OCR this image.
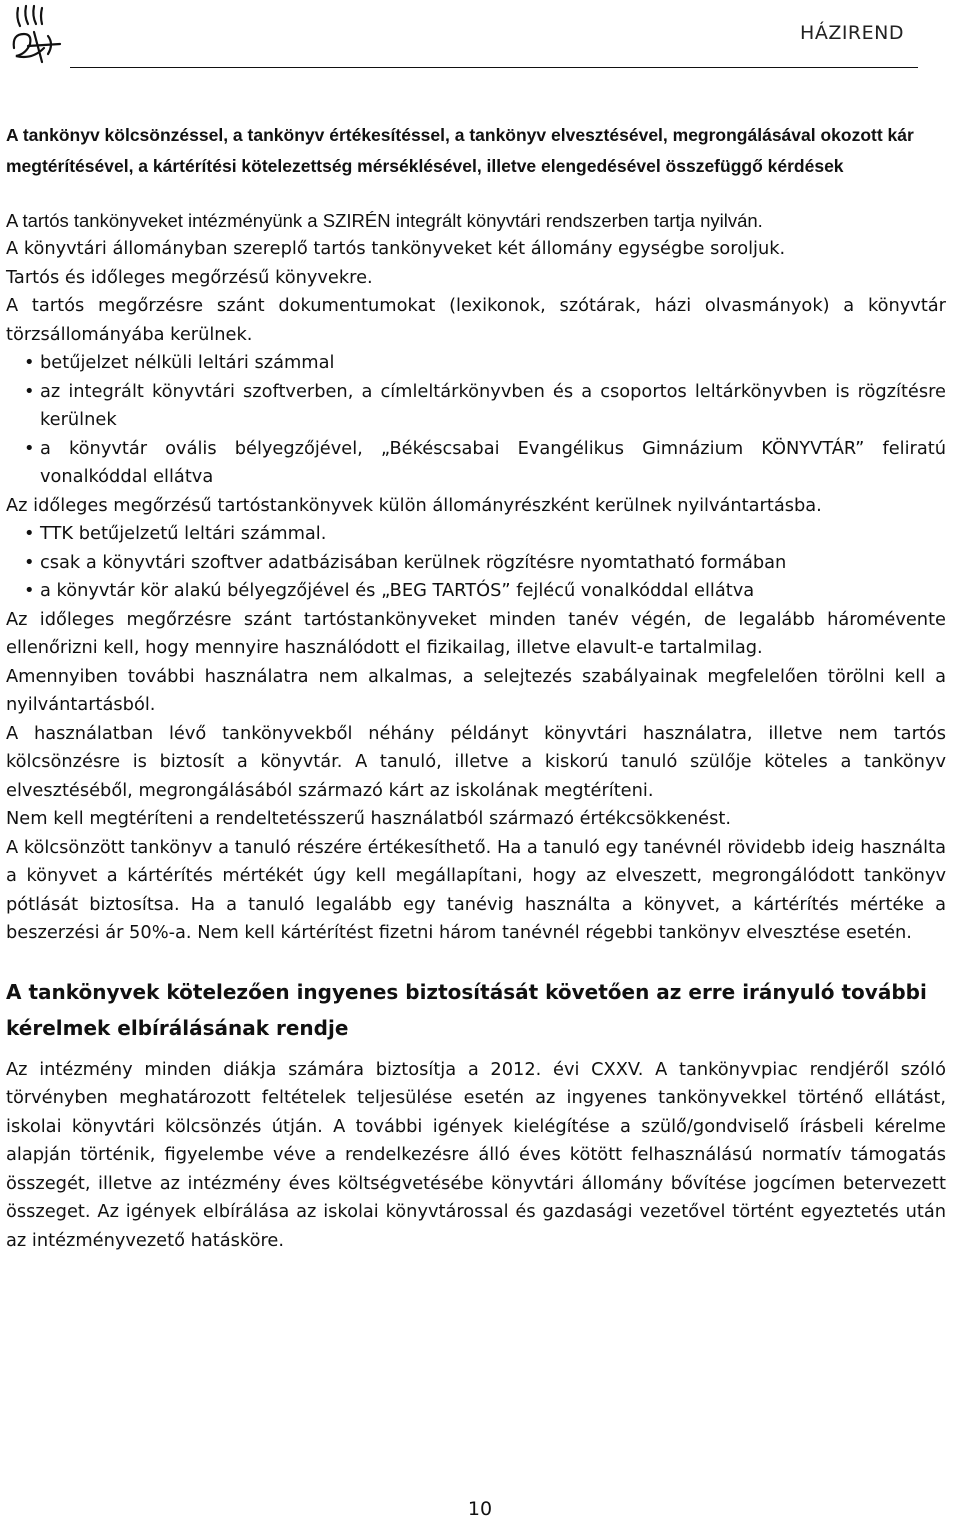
HÁZIREND

A tankönyv kölcsönzéssel, a tankönyv értékesítéssel, a tankönyv elvesztésével, megrongálásával okozott kár megtérítésével, a kártérítési kötelezettség mérséklésével, illetve elengedésével összefüggő kérdések

A tartós tankönyveket intézményünk a SZIRÉN integrált könyvtári rendszerben tartja nyilván.

A könyvtári állományban szereplő tartós tankönyveket két állomány egységbe soroljuk.

Tartós és időleges megőrzésű könyvekre.

A tartós megőrzésre szánt dokumentumokat (lexikonok, szótárak, házi olvasmányok) a könyvtár törzsállományába kerülnek.

• betűjelzet nélküli leltári számmal
• az integrált könyvtári szoftverben, a címleltárkönyvben és a csoportos leltárkönyvben is rögzítésre kerülnek
• a könyvtár ovális bélyegzőjével, „Békéscsabai Evangélikus Gimnázium KÖNYVTÁR” feliratú vonalkóddal ellátva

Az időleges megőrzésű tartóstankönyvek külön állományrészként kerülnek nyilvántartásba.

• TTK betűjelzetű leltári számmal.
• csak a könyvtári szoftver adatbázisában kerülnek rögzítésre nyomtatható formában
• a könyvtár kör alakú bélyegzőjével és „BEG TARTÓS” fejlécű vonalkóddal ellátva

Az időleges megőrzésre szánt tartóstankönyveket minden tanév végén, de legalább háromévente ellenőrizni kell, hogy mennyire használódott el fizikailag, illetve elavult-e tartalmilag.

Amennyiben további használatra nem alkalmas, a selejtezés szabályainak megfelelően törölni kell a nyilvántartásból.

A használatban lévő tankönyvekből néhány példányt könyvtári használatra, illetve nem tartós kölcsönzésre is biztosít a könyvtár. A tanuló, illetve a kiskorú tanuló szülője köteles a tankönyv elvesztéséből, megrongálásából származó kárt az iskolának megtéríteni.

Nem kell megtéríteni a rendeltetésszerű használatból származó értékcsökkenést.

A kölcsönzött tankönyv a tanuló részére értékesíthető. Ha a tanuló egy tanévnél rövidebb ideig használta a könyvet a kártérítés mértékét úgy kell megállapítani, hogy az elveszett, megrongálódott tankönyv pótlását biztosítsa. Ha a tanuló legalább egy tanévig használta a könyvet, a kártérítés mértéke a beszerzési ár 50%-a. Nem kell kártérítést fizetni három tanévnél régebbi tankönyv elvesztése esetén.

A tankönyvek kötelezően ingyenes biztosítását követően az erre irányuló további kérelmek elbírálásának rendje

Az intézmény minden diákja számára biztosítja a 2012. évi CXXV. A tankönyvpiac rendjéről szóló törvényben meghatározott feltételek teljesülése esetén az ingyenes tankönyvekkel történő ellátást, iskolai könyvtári kölcsönzés útján. A további igények kielégítése a szülő/gondviselő írásbeli kérelme alapján történik, figyelembe véve a rendelkezésre álló éves kötött felhasználású normatív támogatás összegét, illetve az intézmény éves költségvetésébe könyvtári állomány bővítése jogcímen betervezett összeget. Az igények elbírálása az iskolai könyvtárossal és gazdasági vezetővel történt egyeztetés után az intézményvezető hatásköre.

10
